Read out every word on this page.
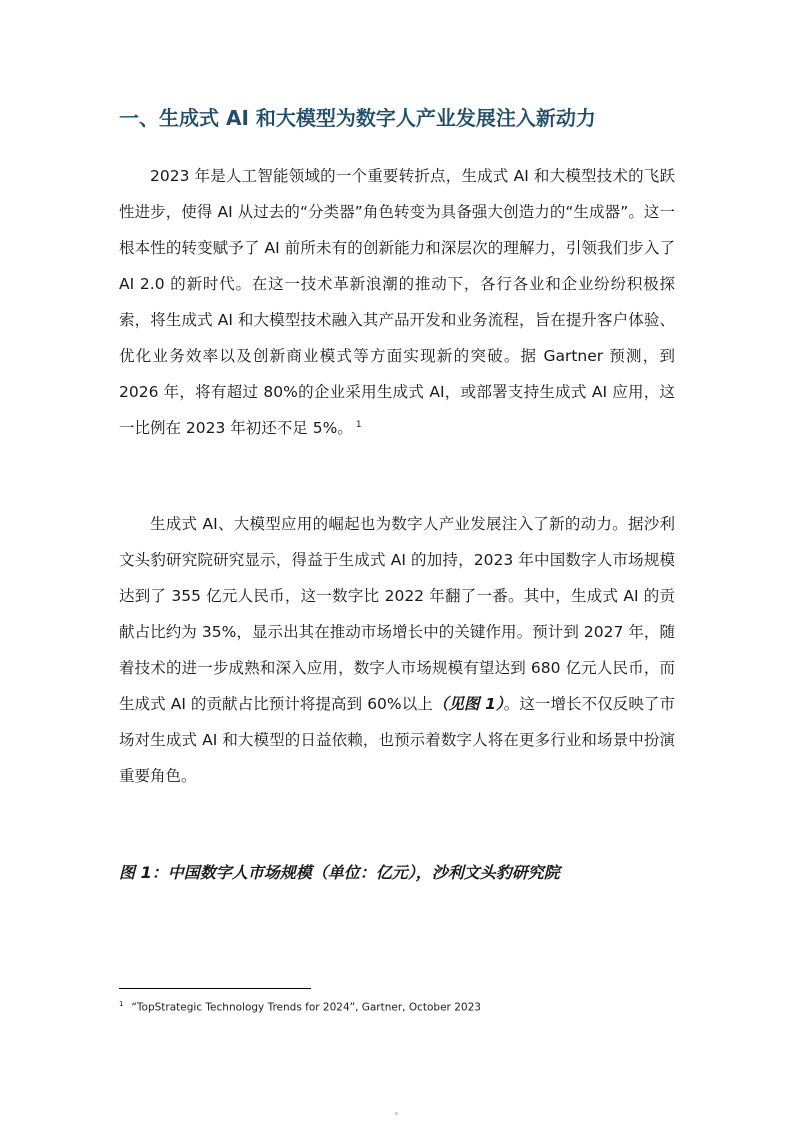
一、生成式 AI 和大模型为数字人产业发展注入新动力

2023 年是人工智能领域的一个重要转折点，生成式 AI 和大模型技术的飞跃性进步，使得 AI 从过去的“分类器”角色转变为具备强大创造力的“生成器”。这一根本性的转变赋予了 AI 前所未有的创新能力和深层次的理解力，引领我们步入了 AI 2.0 的新时代。在这一技术革新浪潮的推动下，各行各业和企业纷纷积极探索，将生成式 AI 和大模型技术融入其产品开发和业务流程，旨在提升客户体验、优化业务效率以及创新商业模式等方面实现新的突破。据 Gartner 预测，到 2026 年，将有超过 80%的企业采用生成式 AI，或部署支持生成式 AI 应用，这一比例在 2023 年初还不足 5%。 $^1$

生成式 AI、大模型应用的崛起也为数字人产业发展注入了新的动力。据沙利文头豹研究院研究显示，得益于生成式 AI 的加持，2023 年中国数字人市场规模达到了 355 亿元人民币，这一数字比 2022 年翻了一番。其中，生成式 AI 的贡献占比约为 35%，显示出其在推动市场增长中的关键作用。预计到 2027 年，随着技术的进一步成熟和深入应用，数字人市场规模有望达到 680 亿元人民币，而生成式 AI 的贡献占比预计将提高到 60%以上（见图 1）。这一增长不仅反映了市场对生成式 AI 和大模型的日益依赖，也预示着数字人将在更多行业和场景中扮演重要角色。

图 1：中国数字人市场规模（单位：亿元），沙利文头豹研究院
$^1$ “TopStrategic Technology Trends for 2024”, Gartner, October 2023
